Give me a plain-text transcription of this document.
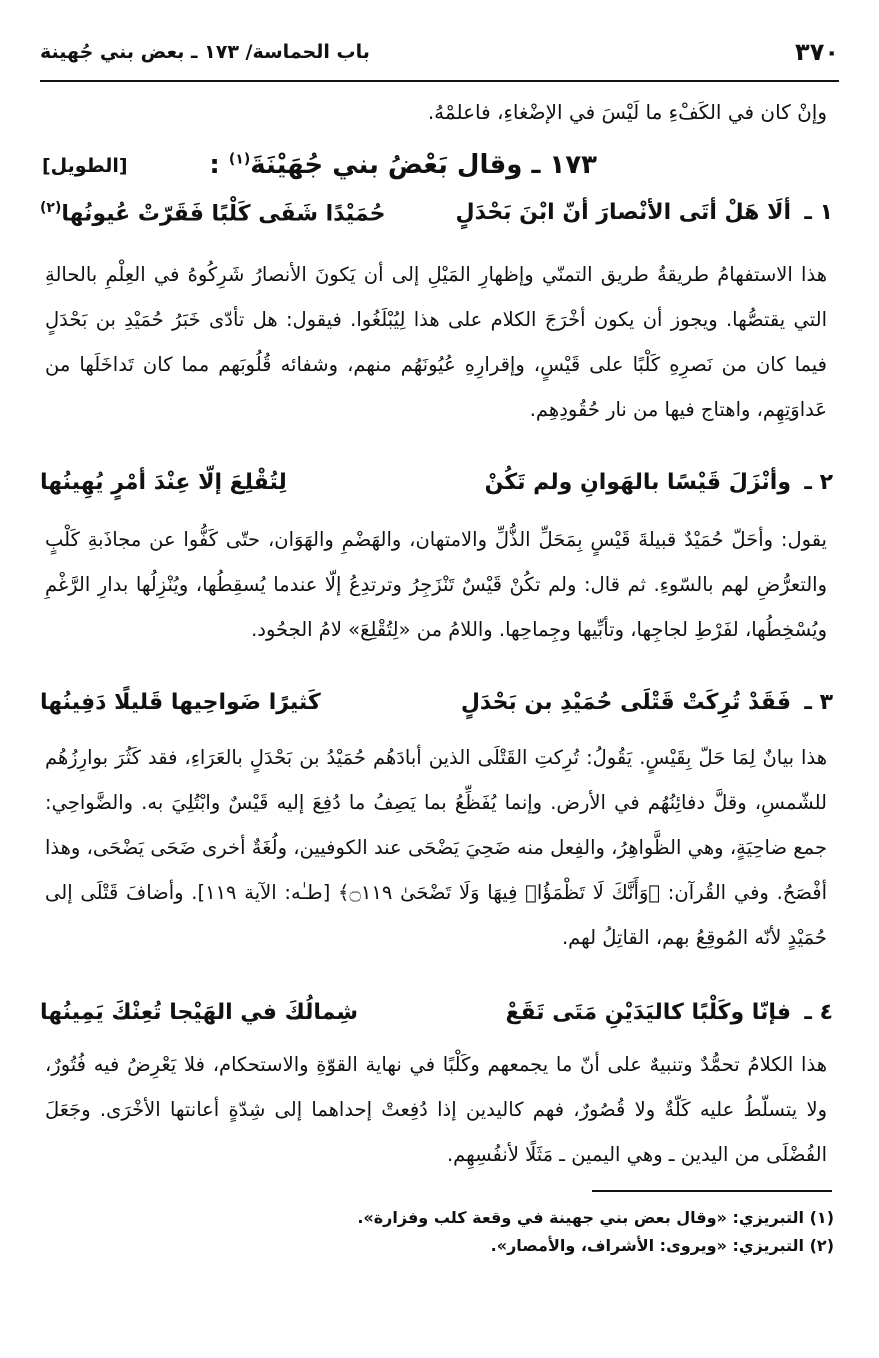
٣٧٠
باب الحماسة/ ١٧٣ ـ بعض بني جُهينة
وإنْ كان في الكَفْءِ ما لَيْسَ في الإضْغاءِ، فاعلمْهُ.
١٧٣ ـ وقال بَعْضُ بني جُهَيْنَةَ$^{(١)}$ :
[الطويل]
١ ـ
ألَا هَلْ أتَى الأنْصارَ أنّ ابْنَ بَحْدَلٍ
حُمَيْدًا شَفَى كَلْبًا فَقَرّتْ عُيونُها$^{(٢)}$
هذا الاستفهامُ طريقةُ طريق التمنّي وإظهارِ المَيْلِ إلى أن يَكونَ الأنصارُ شَرِكُوهُ في العِلْمِ بالحالةِ التي يقتصُّها. ويجوز أن يكون أخْرَجَ الكلام على هذا لِيُبْلَغُوا. فيقول: هل تأدّى خَبَرُ حُمَيْدِ بن بَحْدَلٍ فيما كان من نَصرِهِ كَلْبًا على قَيْسٍ، وإقرارِهِ عُيُونَهُم منهم، وشفائه قُلُوبَهم مما كان تَداخَلَها من عَداوَتِهِم، واهتاج فيها من نار حُقُودِهِم.
٢ ـ
وأنْزَلَ قَيْسًا بالهَوانِ ولم تَكُنْ
لِتُقْلِعَ إلّا عِنْدَ أمْرٍ يُهِينُها
يقول: وأحَلّ حُمَيْدٌ قبيلةَ قَيْسٍ بِمَحَلِّ الذُّلِّ والامتهان، والهَضْمِ والهَوَان، حتّى كَفُّوا عن مجاذَبةِ كَلْبٍ والتعرُّضِ لهم بالسّوءِ. ثم قال: ولم تكُنْ قَيْسٌ تَنْزَجِرُ وترتدِعُ إلّا عندما يُسقِطُها، ويُنْزِلُها بدارِ الرَّغْمِ ويُسْخِطُها، لفَرْطِ لجاجِها، وتأبِّيها وجِماحِها. واللامُ من «لِتُقْلِعَ» لامُ الجحُود.
٣ ـ
فَقَدْ تُرِكَتْ قَتْلَى حُمَيْدِ بن بَحْدَلٍ
كَثيرًا ضَواحِيها قَليلًا دَفِينُها
هذا بيانٌ لِمَا حَلّ بِقَيْسٍ. يَقُولُ: تُرِكتِ القَتْلَى الذين أبادَهُم حُمَيْدُ بن بَحْدَلٍ بالعَرَاءِ، فقد كَثُرَ بوارِزُهُم للشّمسِ، وقلَّ دفائِنُهُم في الأرض. وإنما يُفَظِّعُ بما يَصِفُ ما دُفِعَ إليه قَيْسٌ وابْتُلِيَ به. والضَّواحِي: جمع ضاحِيَةٍ، وهي الظَّواهِرُ، والفِعل منه ضَحِيَ يَضْحَى عند الكوفيين، ولُغَةٌ أخرى ضَحَى يَضْحَى، وهذا أفْصَحُ. وفي القُرآن: ﴿وَأَنَّكَ لَا تَظْمَؤُا۟ فِيهَا وَلَا تَضْحَىٰ ۝١١٩﴾ [طـٰه: الآية ١١٩]. وأضافَ قَتْلَى إلى حُمَيْدٍ لأنّه المُوقِعُ بهم، القاتِلُ لهم.
٤ ـ
فإنّا وكَلْبًا كاليَدَيْنِ مَتَى تَقَعْ
شِمالُكَ في الهَيْجا تُعِنْكَ يَمِينُها
هذا الكلامُ تحمُّدٌ وتنبيهٌ على أنّ ما يجمعهم وكَلْبًا في نهاية القوّةِ والاستحكام، فلا يَعْرِضُ فيه فُتُورٌ، ولا يتسلّطُ عليه كَلّةٌ ولا قُصُورٌ، فهم كاليدين إذا دُفِعتْ إحداهما إلى شِدّةٍ أعانتها الأخْرَى. وجَعَلَ الفُضْلَى من اليدين ـ وهي اليمين ـ مَثَلًا لأنفُسِهِم.
(١) التبريزي: «وقال بعض بني جهينة في وقعة كلب وفزارة».
(٢) التبريزي: «ويروى: الأشراف، والأمصار».
